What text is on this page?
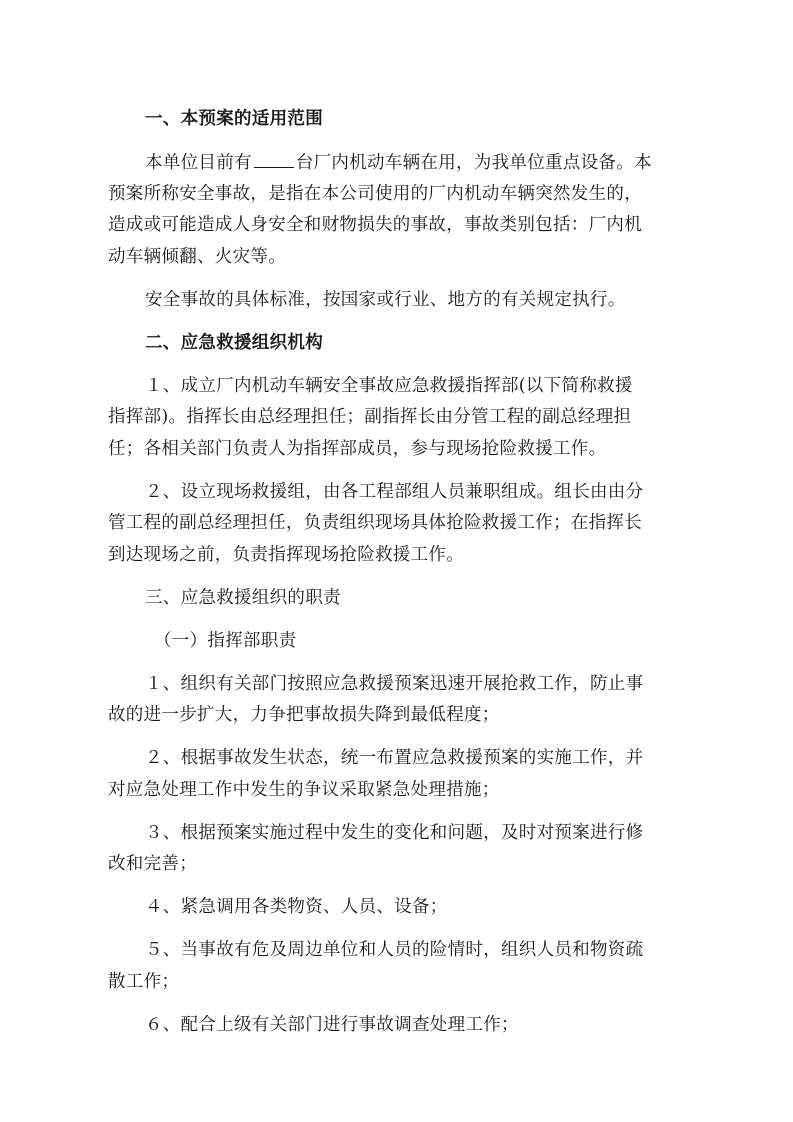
一、本预案的适用范围
本单位目前有	台厂内机动车辆在用，为我单位重点设备。本
预案所称安全事故，是指在本公司使用的厂内机动车辆突然发生的，
造成或可能造成人身安全和财物损失的事故，事故类别包括：厂内机
动车辆倾翻、火灾等。
安全事故的具体标准，按国家或行业、地方的有关规定执行。
二、应急救援组织机构
１、成立厂内机动车辆安全事故应急救援指挥部(以下简称救援
指挥部)。指挥长由总经理担任；副指挥长由分管工程的副总经理担
任；各相关部门负责人为指挥部成员，参与现场抢险救援工作。
２、设立现场救援组，由各工程部组人员兼职组成。组长由由分
管工程的副总经理担任，负责组织现场具体抢险救援工作；在指挥长
到达现场之前，负责指挥现场抢险救援工作。
三、应急救援组织的职责
（一）指挥部职责
１、组织有关部门按照应急救援预案迅速开展抢救工作，防止事
故的进一步扩大，力争把事故损失降到最低程度；
２、根据事故发生状态，统一布置应急救援预案的实施工作，并
对应急处理工作中发生的争议采取紧急处理措施；
３、根据预案实施过程中发生的变化和问题，及时对预案进行修
改和完善；
４、紧急调用各类物资、人员、设备；
５、当事故有危及周边单位和人员的险情时，组织人员和物资疏
散工作；
６、配合上级有关部门进行事故调查处理工作；
